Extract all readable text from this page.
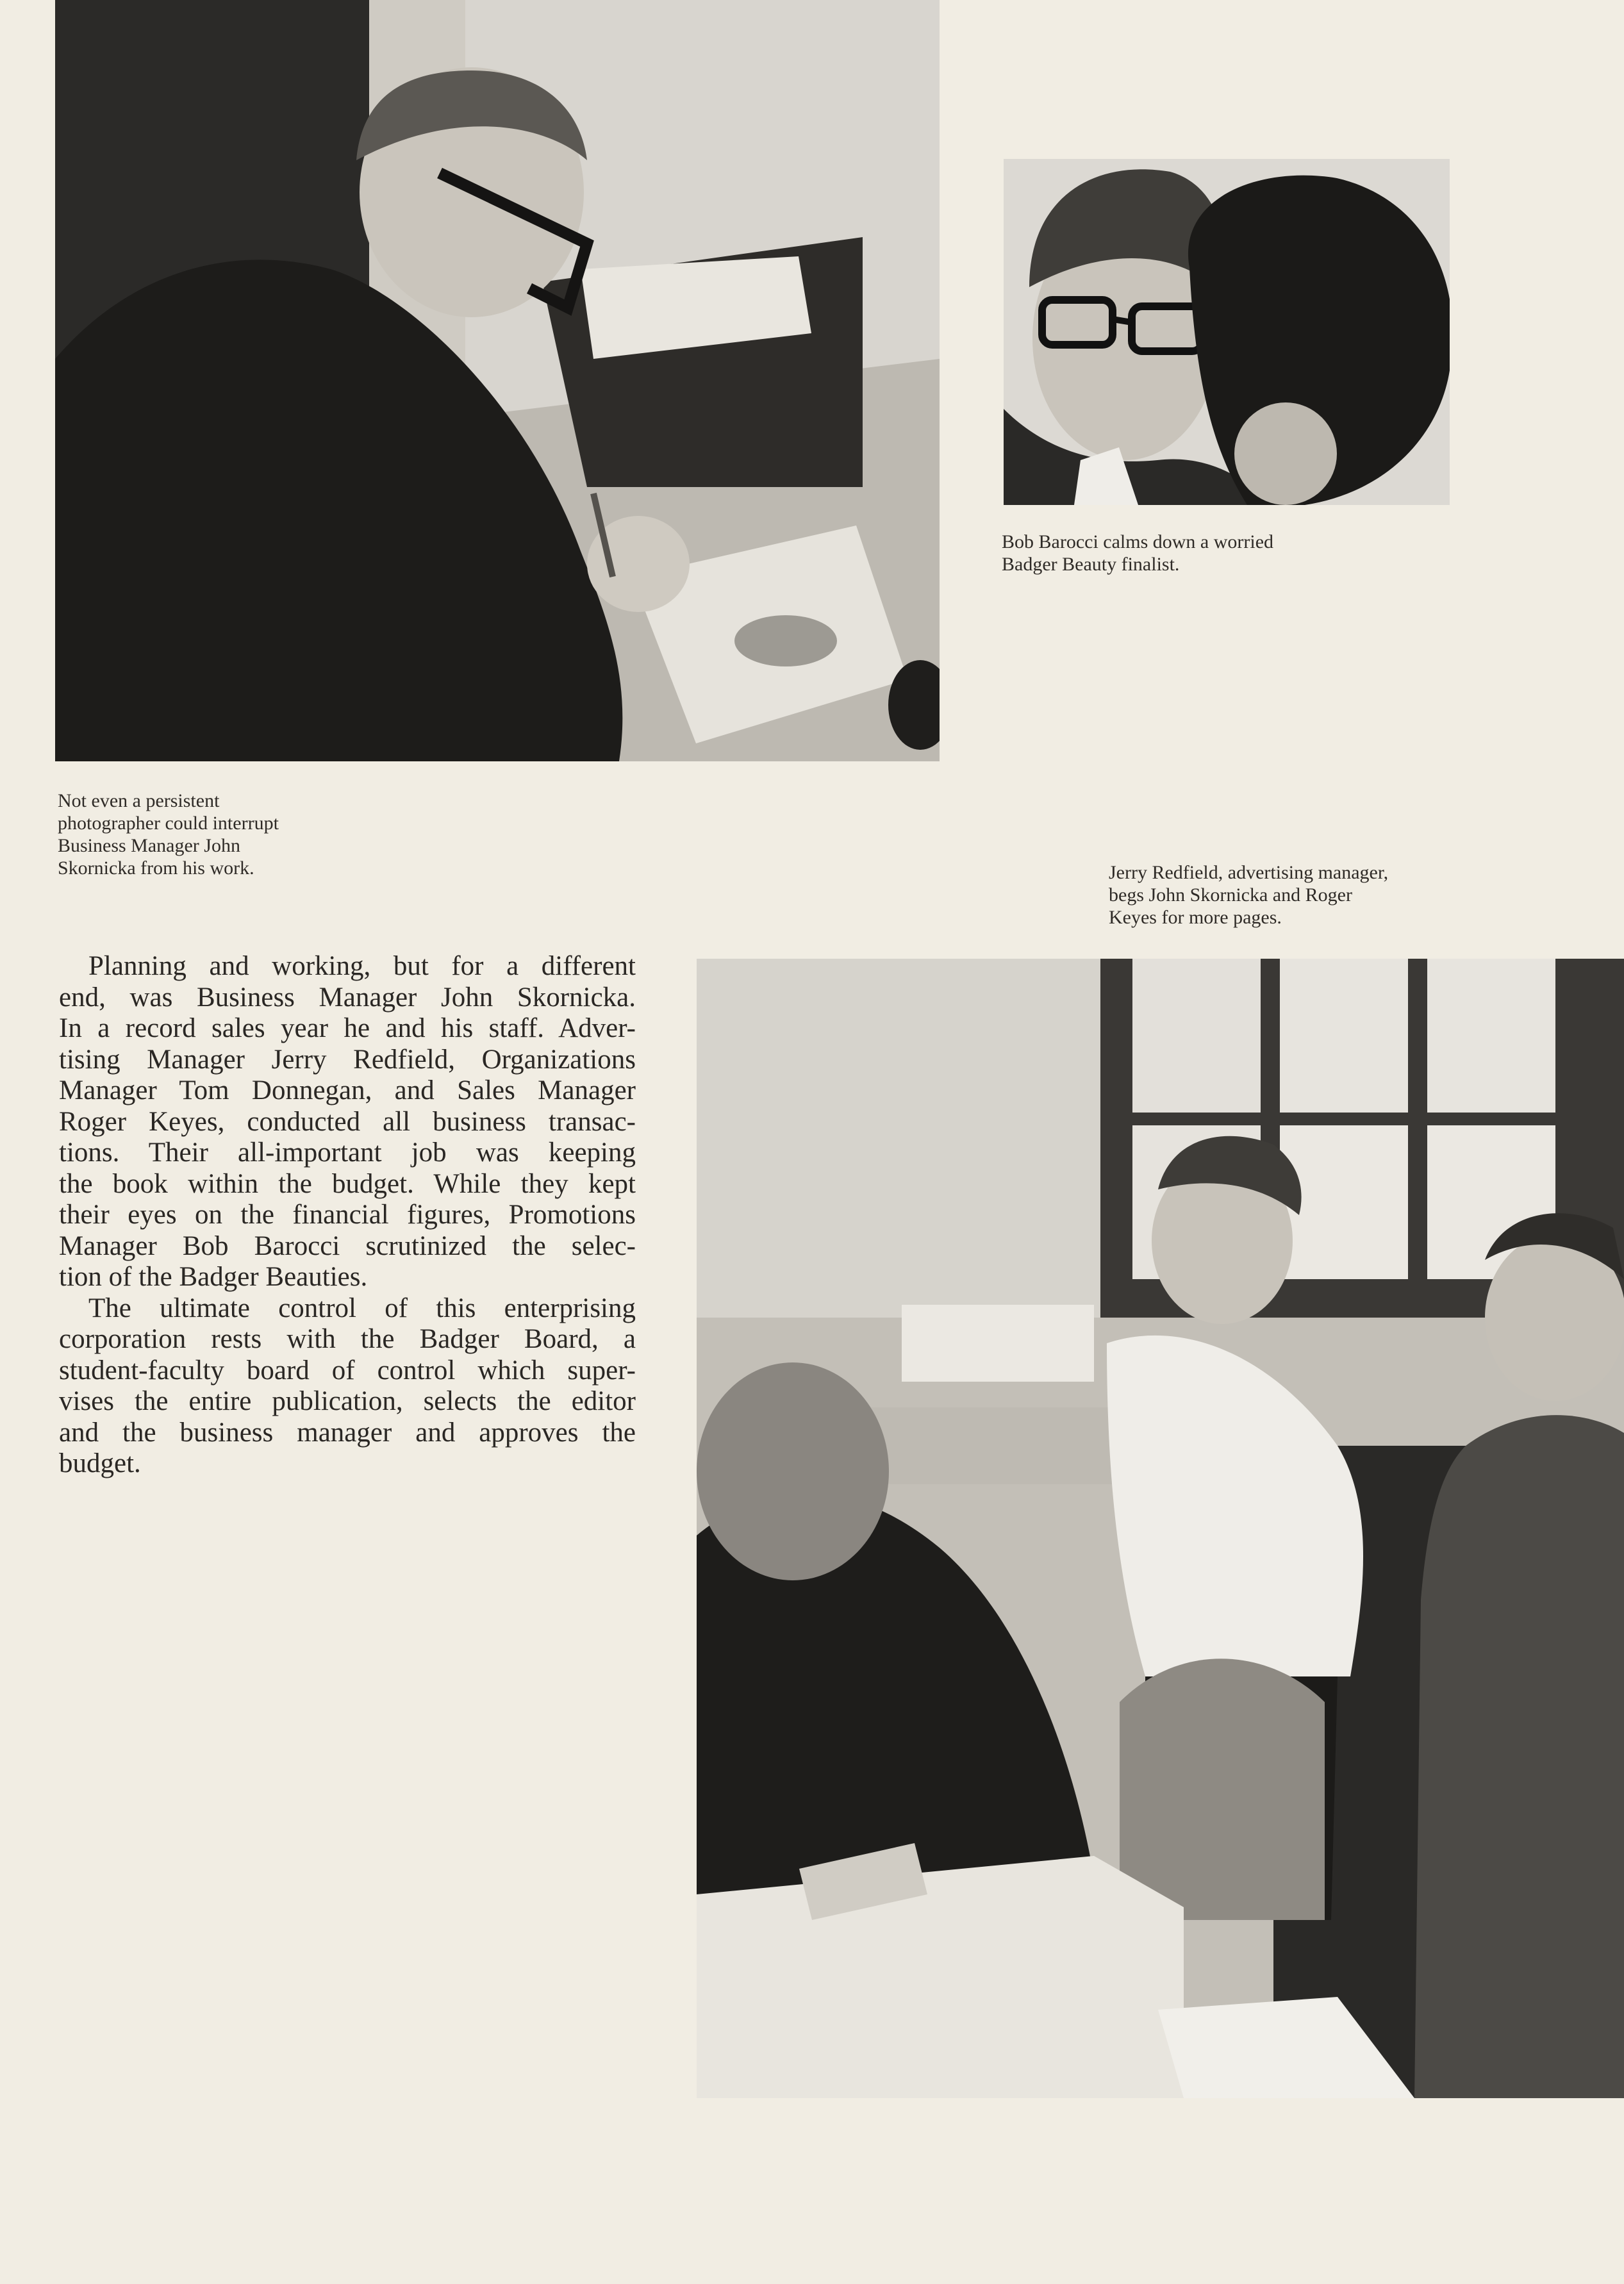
Bob Barocci calms down a worried
Badger Beauty finalist.
Not even a persistent
photographer could interrupt
Business Manager John
Skornicka from his work.	Jerry Redfield, advertising manager,
begs John Skornicka and Roger
Keyes for more pages.
Planning and working, but for a different
end, was Business Manager John Skornicka.
In a record sales year he and his staff. Adver-
tising Manager Jerry Redfield, Organizations
Manager Tom Donnegan, and Sales Manager
Roger Keyes, conducted all business transac-
tions. Their all-important job was keeping
the book within the budget. While they kept
their eyes on the financial figures, Promotions
Manager Bob Barocci scrutinized the selec-
tion of the Badger Beauties.
The ultimate control of this enterprising
corporation rests with the Badger Board, a
student-faculty board of control which super-
vises the entire publication, selects the editor
and the business manager and approves the
budget.
